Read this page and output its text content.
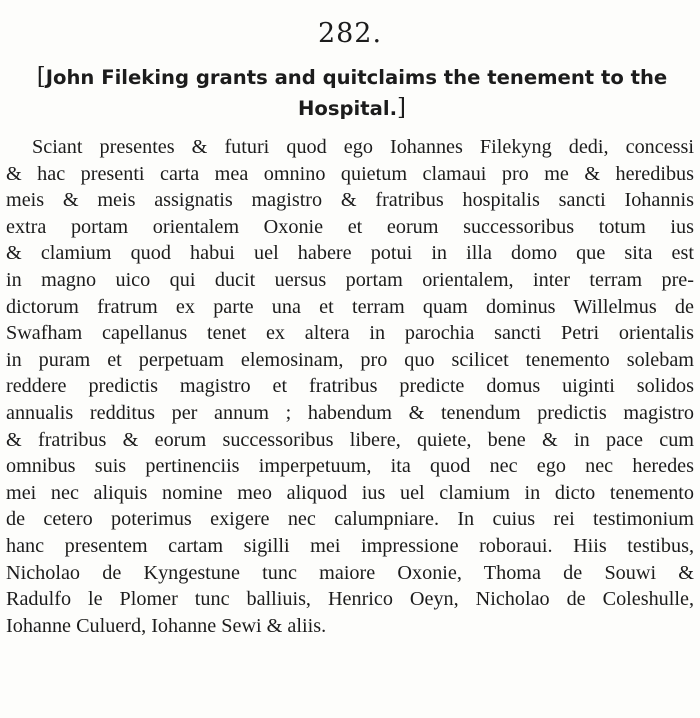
282.
[John Fileking grants and quitclaims the tenement to the
Hospital.]
Sciant presentes & futuri quod ego Iohannes Filekyng dedi, concessi
& hac presenti carta mea omnino quietum clamaui pro me & heredibus
meis & meis assignatis magistro & fratribus hospitalis sancti Iohannis
extra portam orientalem Oxonie et eorum successoribus totum ius
& clamium quod habui uel habere potui in illa domo que sita est
in magno uico qui ducit uersus portam orientalem, inter terram pre-
dictorum fratrum ex parte una et terram quam dominus Willelmus de
Swafham capellanus tenet ex altera in parochia sancti Petri orientalis
in puram et perpetuam elemosinam, pro quo scilicet tenemento solebam
reddere predictis magistro et fratribus predicte domus uiginti solidos
annualis redditus per annum ; habendum & tenendum predictis magistro
& fratribus & eorum successoribus libere, quiete, bene & in pace cum
omnibus suis pertinenciis imperpetuum, ita quod nec ego nec heredes
mei nec aliquis nomine meo aliquod ius uel clamium in dicto tenemento
de cetero poterimus exigere nec calumpniare. In cuius rei testimonium
hanc presentem cartam sigilli mei impressione roboraui. Hiis testibus,
Nicholao de Kyngestune tunc maiore Oxonie, Thoma de Souwi &
Radulfo le Plomer tunc balliuis, Henrico Oeyn, Nicholao de Coleshulle,
Iohanne Culuerd, Iohanne Sewi & aliis.
